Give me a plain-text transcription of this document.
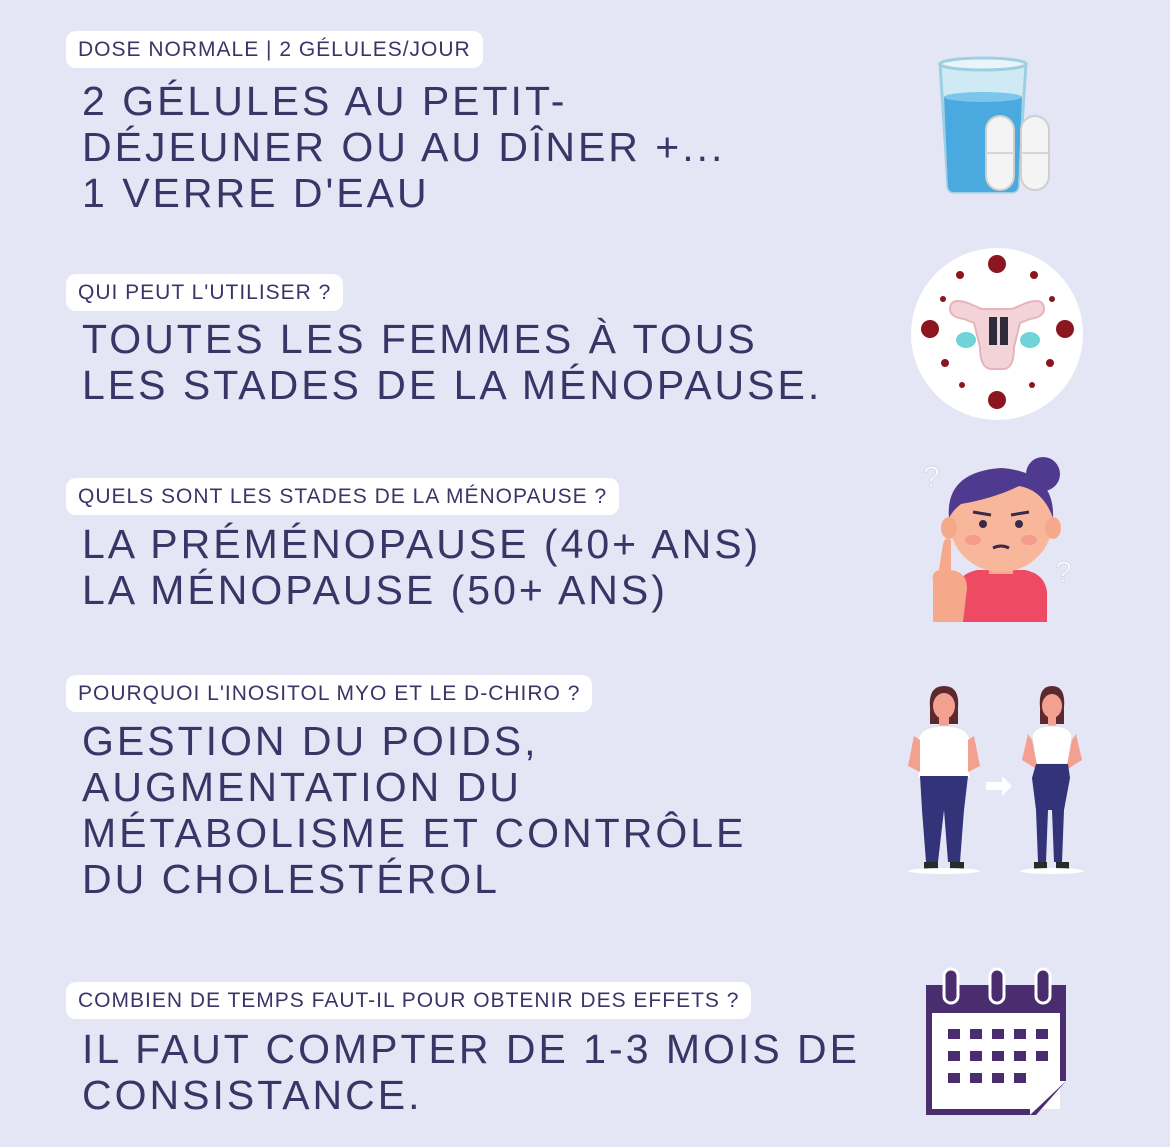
DOSE NORMALE | 2 GÉLULES/JOUR
2 GÉLULES AU PETIT-
DÉJEUNER OU AU DÎNER +...
1 VERRE D'EAU
QUI PEUT L'UTILISER ?
TOUTES LES FEMMES À TOUS
LES STADES DE LA MÉNOPAUSE.
QUELS SONT LES STADES DE LA MÉNOPAUSE ?
LA PRÉMÉNOPAUSE (40+ ANS)
LA MÉNOPAUSE (50+ ANS)
?
?
POURQUOI L'INOSITOL MYO ET LE D-CHIRO ?
GESTION DU POIDS,
AUGMENTATION DU
MÉTABOLISME ET CONTRÔLE
DU CHOLESTÉROL
COMBIEN DE TEMPS FAUT-IL POUR OBTENIR DES EFFETS ?
IL FAUT COMPTER DE 1-3 MOIS DE
CONSISTANCE.
